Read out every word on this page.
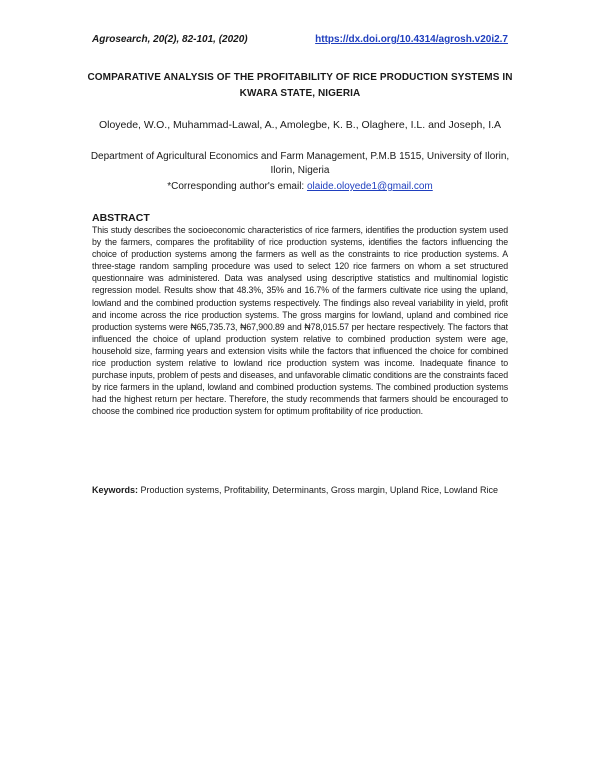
Agrosearch, 20(2), 82-101, (2020)	https://dx.doi.org/10.4314/agrosh.v20i2.7
COMPARATIVE ANALYSIS OF THE PROFITABILITY OF RICE PRODUCTION SYSTEMS IN KWARA STATE, NIGERIA
Oloyede, W.O., Muhammad-Lawal, A., Amolegbe, K. B., Olaghere, I.L. and Joseph, I.A
Department of Agricultural Economics and Farm Management, P.M.B 1515, University of Ilorin, Ilorin, Nigeria
*Corresponding author's email: olaide.oloyede1@gmail.com
ABSTRACT
This study describes the socioeconomic characteristics of rice farmers, identifies the production system used by the farmers, compares the profitability of rice production systems, identifies the factors influencing the choice of production systems among the farmers as well as the constraints to rice production systems. A three-stage random sampling procedure was used to select 120 rice farmers on whom a set structured questionnaire was administered. Data was analysed using descriptive statistics and multinomial logistic regression model. Results show that 48.3%, 35% and 16.7% of the farmers cultivate rice using the upland, lowland and the combined production systems respectively. The findings also reveal variability in yield, profit and income across the rice production systems. The gross margins for lowland, upland and combined rice production systems were ₦65,735.73, ₦67,900.89 and ₦78,015.57 per hectare respectively. The factors that influenced the choice of upland production system relative to combined production system were age, household size, farming years and extension visits while the factors that influenced the choice for combined rice production system relative to lowland rice production system was income. Inadequate finance to purchase inputs, problem of pests and diseases, and unfavorable climatic conditions are the constraints faced by rice farmers in the upland, lowland and combined production systems. The combined production systems had the highest return per hectare. Therefore, the study recommends that farmers should be encouraged to choose the combined rice production system for optimum profitability of rice production.
Keywords: Production systems, Profitability, Determinants, Gross margin, Upland Rice, Lowland Rice
